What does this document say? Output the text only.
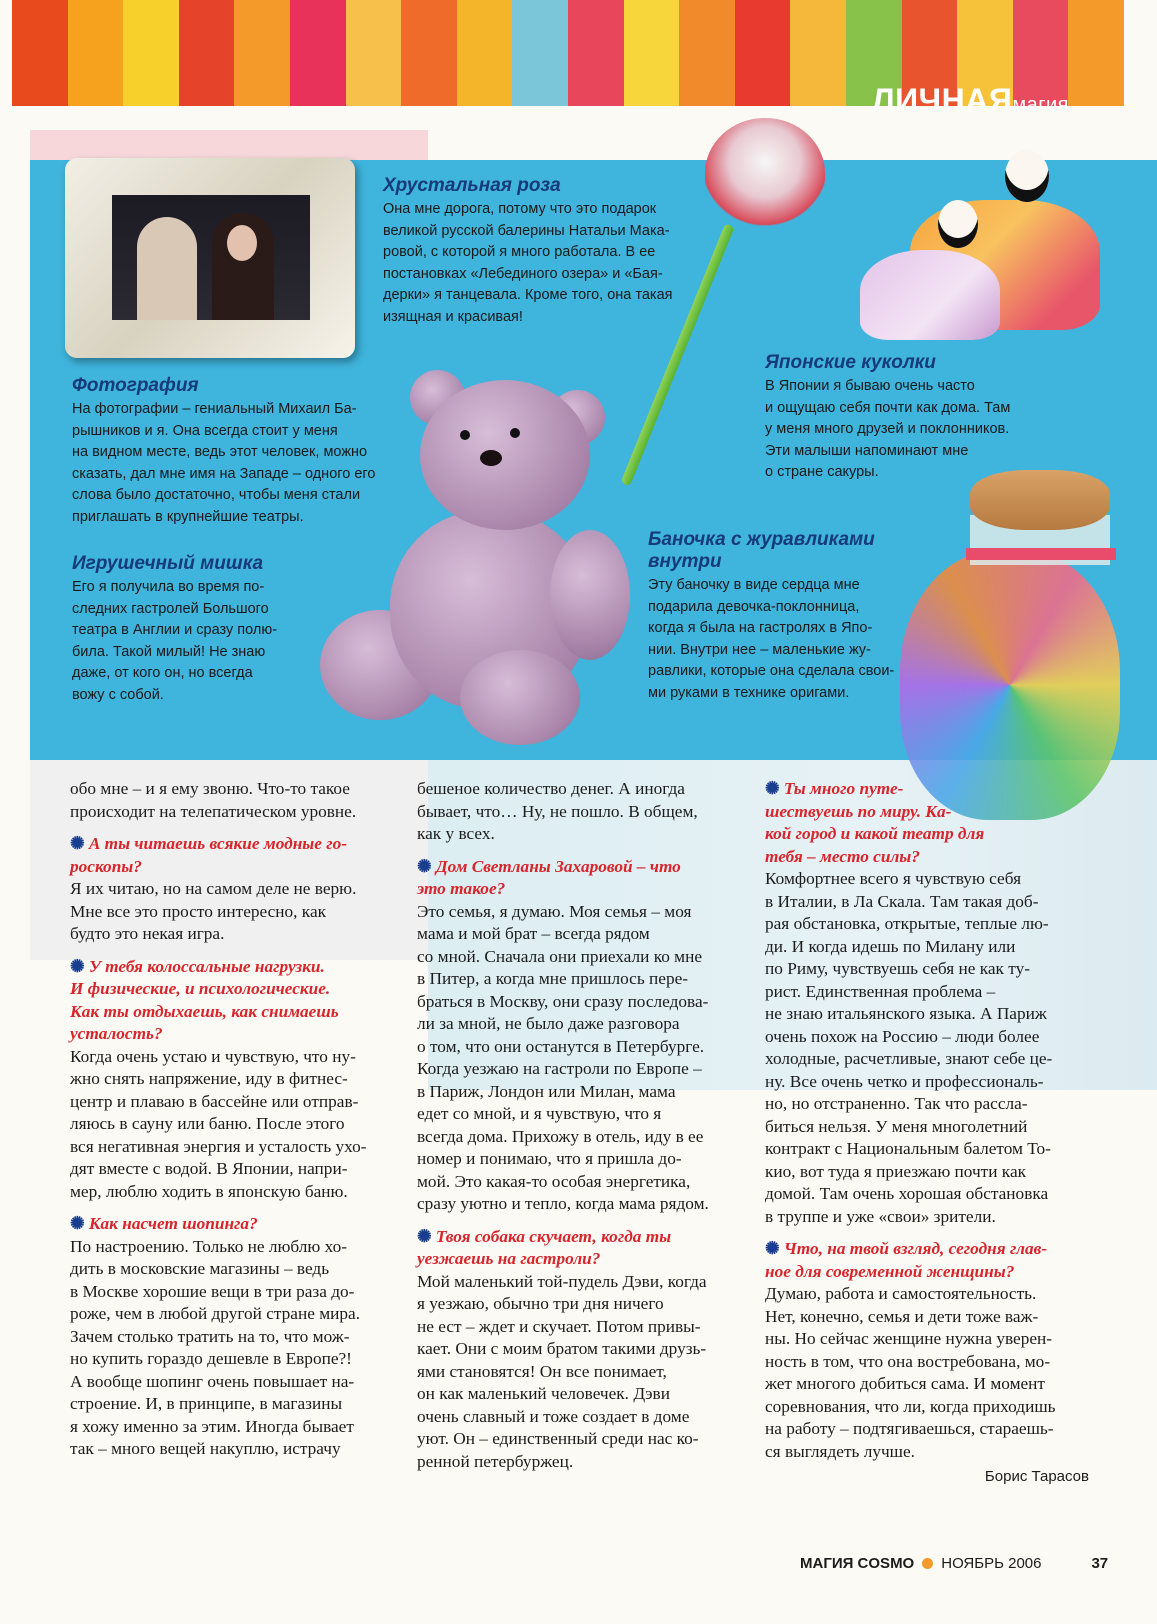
ЛИЧНАЯмагия
Хрустальная роза

Она мне дорога, потому что это подарок
великой русской балерины Натальи Мака-
ровой, с которой я много работала. В ее
постановках «Лебединого озера» и «Бая-
дерки» я танцевала. Кроме того, она такая
изящная и красивая!

Фотография

На фотографии – гениальный Михаил Ба-
рышников и я. Она всегда стоит у меня
на видном месте, ведь этот человек, можно
сказать, дал мне имя на Западе – одного его
слова было достаточно, чтобы меня стали
приглашать в крупнейшие театры.

Японские куколки

В Японии я бываю очень часто
и ощущаю себя почти как дома. Там
у меня много друзей и поклонников.
Эти малыши напоминают мне
о стране сакуры.

Игрушечный мишка

Его я получила во время по-
следних гастролей Большого
театра в Англии и сразу полю-
била. Такой милый! Не знаю
даже, от кого он, но всегда
вожу с собой.

Баночка с журавликами
внутри

Эту баночку в виде сердца мне
подарила девочка-поклонница,
когда я была на гастролях в Япо-
нии. Внутри нее – маленькие жу-
равлики, которые она сделала свои-
ми руками в технике оригами.

обо мне – и я ему звоню. Что-то такое
происходит на телепатическом уровне.
✺ А ты читаешь всякие модные го-
роскопы?
Я их читаю, но на самом деле не верю.
Мне все это просто интересно, как
будто это некая игра.
✺ У тебя колоссальные нагрузки.
И физические, и психологические.
Как ты отдыхаешь, как снимаешь
усталость?
Когда очень устаю и чувствую, что ну-
жно снять напряжение, иду в фитнес-
центр и плаваю в бассейне или отправ-
ляюсь в сауну или баню. После этого
вся негативная энергия и усталость ухо-
дят вместе с водой. В Японии, напри-
мер, люблю ходить в японскую баню.
✺ Как насчет шопинга?
По настроению. Только не люблю хо-
дить в московские магазины – ведь
в Москве хорошие вещи в три раза до-
роже, чем в любой другой стране мира.
Зачем столько тратить на то, что мож-
но купить гораздо дешевле в Европе?!
А вообще шопинг очень повышает на-
строение. И, в принципе, в магазины
я хожу именно за этим. Иногда бывает
так – много вещей накуплю, истрачу
бешеное количество денег. А иногда
бывает, что… Ну, не пошло. В общем,
как у всех.
✺ Дом Светланы Захаровой – что
это такое?
Это семья, я думаю. Моя семья – моя
мама и мой брат – всегда рядом
со мной. Сначала они приехали ко мне
в Питер, а когда мне пришлось пере-
браться в Москву, они сразу последова-
ли за мной, не было даже разговора
о том, что они останутся в Петербурге.
Когда уезжаю на гастроли по Европе –
в Париж, Лондон или Милан, мама
едет со мной, и я чувствую, что я
всегда дома. Прихожу в отель, иду в ее
номер и понимаю, что я пришла до-
мой. Это какая-то особая энергетика,
сразу уютно и тепло, когда мама рядом.
✺ Твоя собака скучает, когда ты
уезжаешь на гастроли?
Мой маленький той-пудель Дэви, когда
я уезжаю, обычно три дня ничего
не ест – ждет и скучает. Потом привы-
кает. Они с моим братом такими друзь-
ями становятся! Он все понимает,
он как маленький человечек. Дэви
очень славный и тоже создает в доме
уют. Он – единственный среди нас ко-
ренной петербуржец.
✺ Ты много путе-
шествуешь по миру. Ка-
кой город и какой театр для
тебя – место силы?
Комфортнее всего я чувствую себя
в Италии, в Ла Скала. Там такая доб-
рая обстановка, открытые, теплые лю-
ди. И когда идешь по Милану или
по Риму, чувствуешь себя не как ту-
рист. Единственная проблема –
не знаю итальянского языка. А Париж
очень похож на Россию – люди более
холодные, расчетливые, знают себе це-
ну. Все очень четко и профессиональ-
но, но отстраненно. Так что рассла-
биться нельзя. У меня многолетний
контракт с Национальным балетом То-
кио, вот туда я приезжаю почти как
домой. Там очень хорошая обстановка
в труппе и уже «свои» зрители.
✺ Что, на твой взгляд, сегодня глав-
ное для современной женщины?
Думаю, работа и самостоятельность.
Нет, конечно, семья и дети тоже важ-
ны. Но сейчас женщине нужна уверен-
ность в том, что она востребована, мо-
жет многого добиться сама. И момент
соревнования, что ли, когда приходишь
на работу – подтягиваешься, стараешь-
ся выглядеть лучше.
Борис Тарасов
МАГИЯ COSMO НОЯБРЬ 2006	37
